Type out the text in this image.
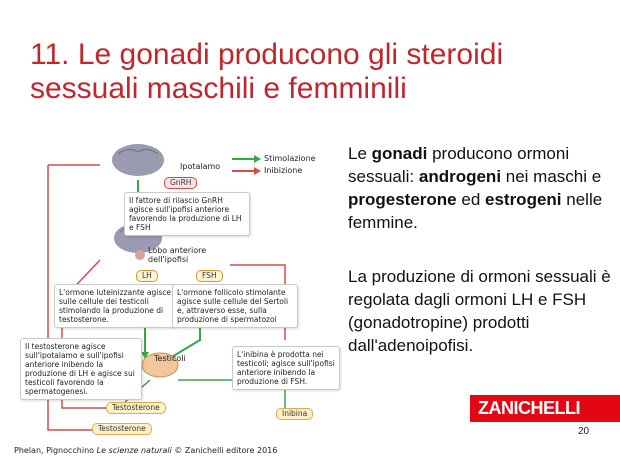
11. Le gonadi producono gli steroidi
sessuali maschili e femminili
Ipotalamo
GnRH
Stimolazione
Inibizione
Il fattore di rilascio GnRH agisce sull'ipofisi anteriore favorendo la produzione di LH e FSH
Lobo anteriore dell'ipofisi
LH	FSH
L'ormone luteinizzante agisce sulle cellule dei testicoli stimolando la produzione di testosterone.
L'ormone follicolo stimolante agisce sulle cellule del Sertoli e, attraverso esse, sulla produzione di spermatozoi
Il testosterone agisce sull'ipotalamo e sull'ipofisi anteriore inibendo la produzione di LH e agisce sui testicoli favorendo la spermatogenesi.
L'inibina è prodotta nei testicoli; agisce sull'ipofisi anteriore inibendo la produzione di FSH.
Testicoli
Testosterone
Testosterone
Inibina
Le gonadi producono ormoni sessuali: androgeni nei maschi e progesterone ed estrogeni nelle femmine.
La produzione di ormoni sessuali è regolata dagli ormoni LH e FSH (gonadotropine) prodotti dall'adenoipofisi.
ZANICHELLI
20
Phelan, Pignocchino Le scienze naturali © Zanichelli editore 2016
